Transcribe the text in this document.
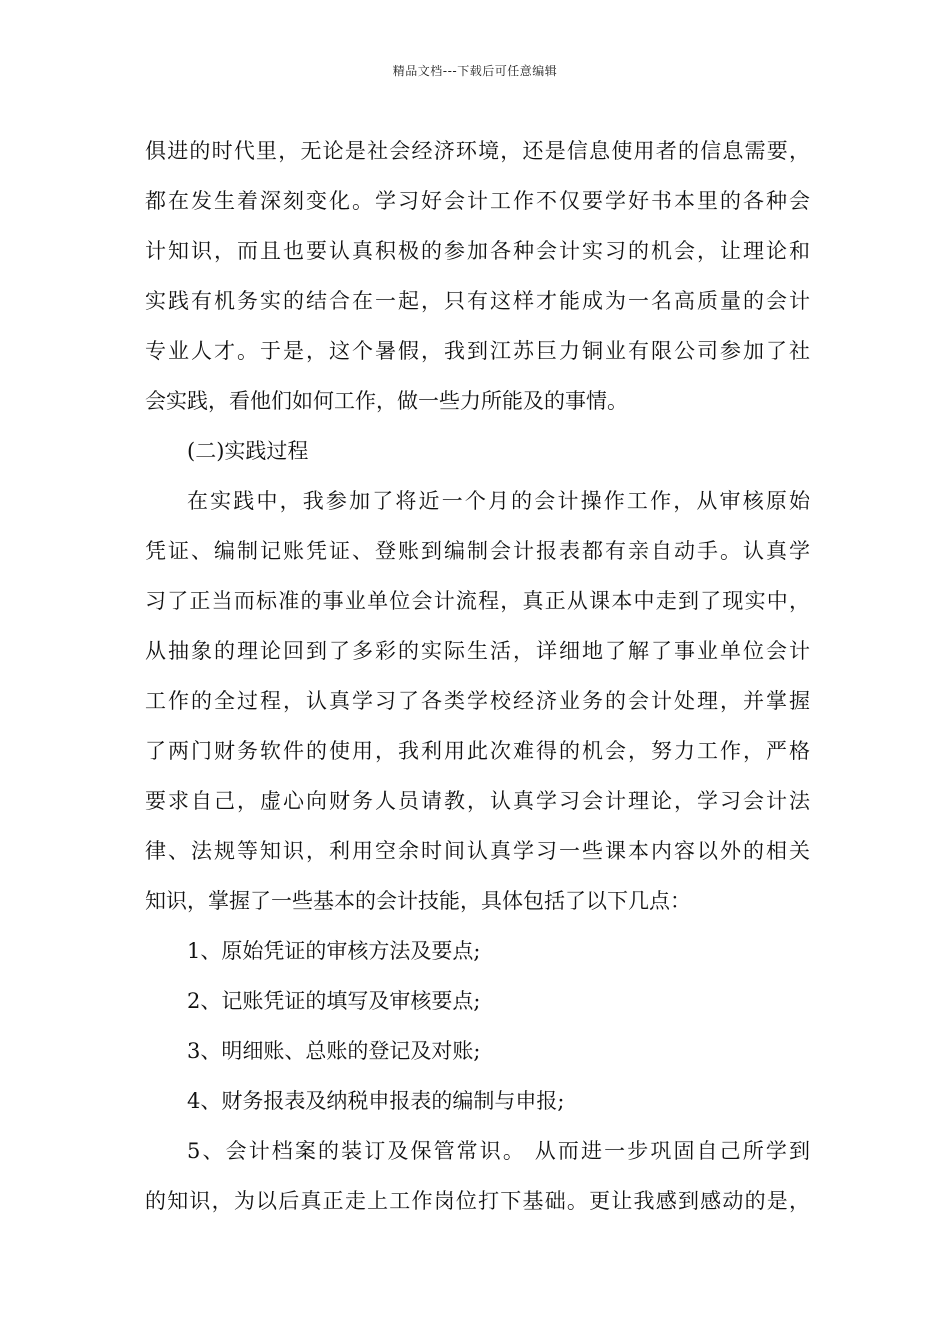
精品文档---下载后可任意编辑
俱进的时代里，无论是社会经济环境，还是信息使用者的信息需要，
都在发生着深刻变化。学习好会计工作不仅要学好书本里的各种会
计知识，而且也要认真积极的参加各种会计实习的机会，让理论和
实践有机务实的结合在一起，只有这样才能成为一名高质量的会计
专业人才。于是，这个暑假，我到江苏巨力铜业有限公司参加了社
会实践，看他们如何工作，做一些力所能及的事情。
(二)实践过程
在实践中，我参加了将近一个月的会计操作工作，从审核原始
凭证、编制记账凭证、登账到编制会计报表都有亲自动手。认真学
习了正当而标准的事业单位会计流程，真正从课本中走到了现实中，
从抽象的理论回到了多彩的实际生活，详细地了解了事业单位会计
工作的全过程，认真学习了各类学校经济业务的会计处理，并掌握
了两门财务软件的使用，我利用此次难得的机会，努力工作，严格
要求自己，虚心向财务人员请教，认真学习会计理论，学习会计法
律、法规等知识，利用空余时间认真学习一些课本内容以外的相关
知识，掌握了一些基本的会计技能，具体包括了以下几点：
1、原始凭证的审核方法及要点;
2、记账凭证的填写及审核要点;
3、明细账、总账的登记及对账;
4、财务报表及纳税申报表的编制与申报;
5、会计档案的装订及保管常识。 从而进一步巩固自己所学到
的知识，为以后真正走上工作岗位打下基础。更让我感到感动的是，
